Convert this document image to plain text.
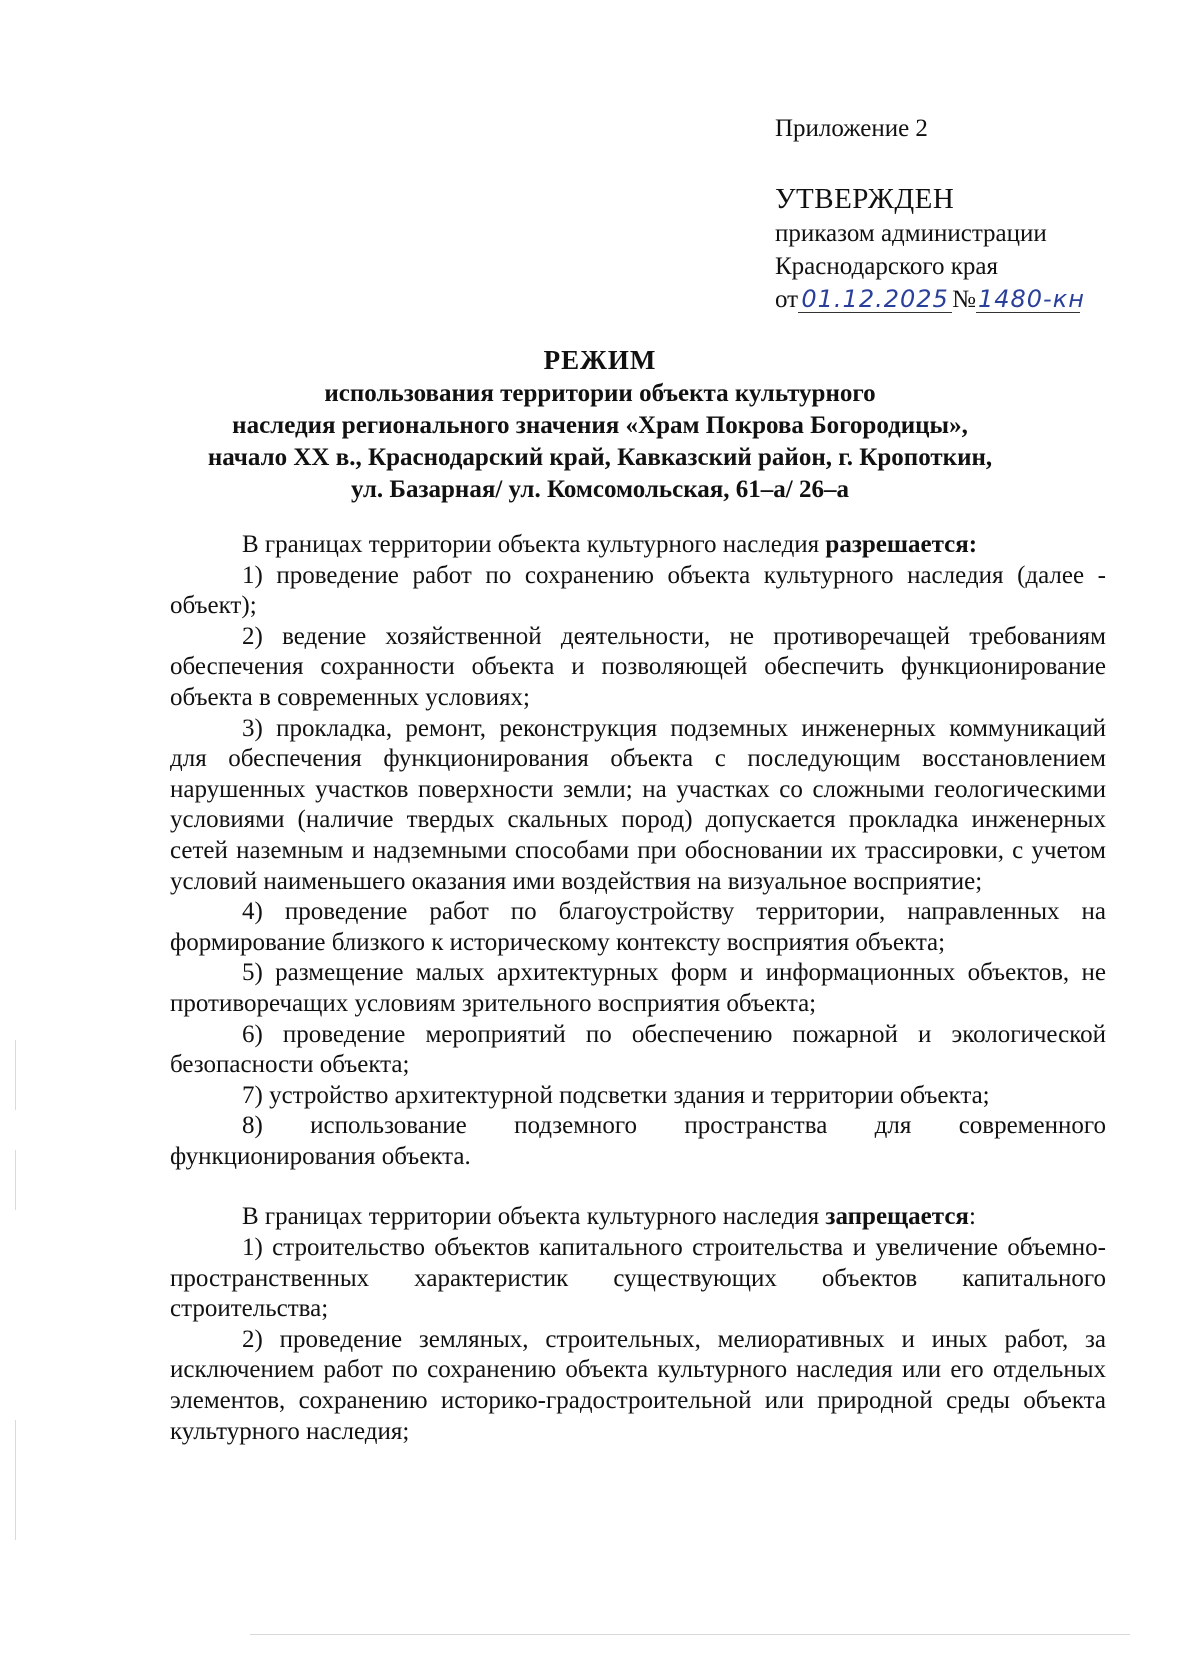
Приложение 2
УТВЕРЖДЕН
приказом администрации
Краснодарского края
от 01.12.2025 №1480-кн
РЕЖИМ
использования территории объекта культурного
наследия регионального значения «Храм Покрова Богородицы»,
начало XX в., Краснодарский край, Кавказский район, г. Кропоткин,
ул. Базарная/ ул. Комсомольская, 61–а/ 26–а

В границах территории объекта культурного наследия разрешается:

1) проведение работ по сохранению объекта культурного наследия (далее - объект);

2) ведение хозяйственной деятельности, не противоречащей требованиям обеспечения сохранности объекта и позволяющей обеспечить функционирование объекта в современных условиях;

3) прокладка, ремонт, реконструкция подземных инженерных коммуникаций для обеспечения функционирования объекта с последующим восстановлением нарушенных участков поверхности земли; на участках со сложными геологическими условиями (наличие твердых скальных пород) допускается прокладка инженерных сетей наземным и надземными способами при обосновании их трассировки, с учетом условий наименьшего оказания ими воздействия на визуальное восприятие;

4) проведение работ по благоустройству территории, направленных на формирование близкого к историческому контексту восприятия объекта;

5) размещение малых архитектурных форм и информационных объектов, не противоречащих условиям зрительного восприятия объекта;

6) проведение мероприятий по обеспечению пожарной и экологической безопасности объекта;

7) устройство архитектурной подсветки здания и территории объекта;

8) использование подземного пространства для современного функционирования объекта.

В границах территории объекта культурного наследия запрещается:

1) строительство объектов капитального строительства и увеличение объемно-пространственных характеристик существующих объектов капитального строительства;

2) проведение земляных, строительных, мелиоративных и иных работ, за исключением работ по сохранению объекта культурного наследия или его отдельных элементов, сохранению историко-градостроительной или природной среды объекта культурного наследия;
